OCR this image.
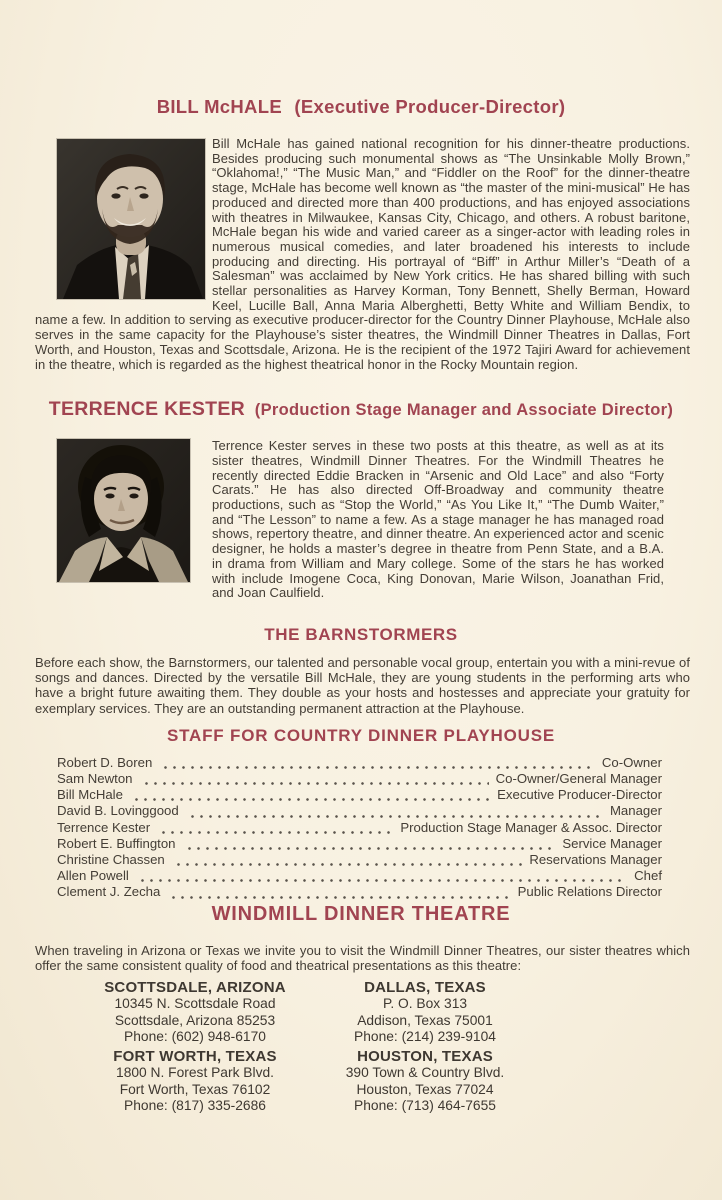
BILL McHALE (Executive Producer-Director)

Bill McHale has gained national recognition for his dinner-theatre productions. Besides producing such monumental shows as “The Unsinkable Molly Brown,” “Oklahoma!,” “The Music Man,” and “Fiddler on the Roof” for the dinner-theatre stage, McHale has become well known as “the master of the mini-musical” He has produced and directed more than 400 productions, and has enjoyed associations with theatres in Milwaukee, Kansas City, Chicago, and others. A robust baritone, McHale began his wide and varied career as a singer-actor with leading roles in numerous musical comedies, and later broadened his interests to include producing and directing. His portrayal of “Biff” in Arthur Miller’s “Death of a Salesman” was acclaimed by New York critics. He has shared billing with such stellar personalities as Harvey Korman, Tony Bennett, Shelly Berman, Howard Keel, Lucille Ball, Anna Maria Alberghetti, Betty White and William Bendix, to name a few. In addition to serving as executive producer-director for the Country Dinner Playhouse, McHale also serves in the same capacity for the Playhouse’s sister theatres, the Windmill Dinner Theatres in Dallas, Fort Worth, and Houston, Texas and Scottsdale, Arizona. He is the recipient of the 1972 Tajiri Award for achievement in the theatre, which is regarded as the highest theatrical honor in the Rocky Mountain region.

TERRENCE KESTER (Production Stage Manager and Associate Director)

Terrence Kester serves in these two posts at this theatre, as well as at its sister theatres, Windmill Dinner Theatres. For the Windmill Theatres he recently directed Eddie Bracken in “Arsenic and Old Lace” and also “Forty Carats.” He has also directed Off-Broadway and community theatre productions, such as “Stop the World,” “As You Like It,” “The Dumb Waiter,” and “The Lesson” to name a few. As a stage manager he has managed road shows, repertory theatre, and dinner theatre. An experienced actor and scenic designer, he holds a master’s degree in theatre from Penn State, and a B.A. in drama from William and Mary college. Some of the stars he has worked with include Imogene Coca, King Donovan, Marie Wilson, Joanathan Frid, and Joan Caulfield.

THE BARNSTORMERS

Before each show, the Barnstormers, our talented and personable vocal group, entertain you with a mini-revue of songs and dances. Directed by the versatile Bill McHale, they are young students in the performing arts who have a bright future awaiting them. They double as your hosts and hostesses and appreciate your gratuity for exemplary services. They are an outstanding permanent attraction at the Playhouse.

STAFF FOR COUNTRY DINNER PLAYHOUSE
Robert D. Boren	Co-Owner
Sam Newton	Co-Owner/General Manager
Bill McHale	Executive Producer-Director
David B. Lovinggood	Manager
Terrence Kester	Production Stage Manager & Assoc. Director
Robert E. Buffington	Service Manager
Christine Chassen	Reservations Manager
Allen Powell	Chef
Clement J. Zecha	Public Relations Director
WINDMILL DINNER THEATRE

When traveling in Arizona or Texas we invite you to visit the Windmill Dinner Theatres, our sister theatres which offer the same consistent quality of food and theatrical presentations as this theatre:

SCOTTSDALE, ARIZONA
10345 N. Scottsdale Road
Scottsdale, Arizona 85253
Phone: (602) 948-6170
DALLAS, TEXAS
P. O. Box 313
Addison, Texas 75001
Phone: (214) 239-9104
FORT WORTH, TEXAS
1800 N. Forest Park Blvd.
Fort Worth, Texas 76102
Phone: (817) 335-2686
HOUSTON, TEXAS
390 Town & Country Blvd.
Houston, Texas 77024
Phone: (713) 464-7655
